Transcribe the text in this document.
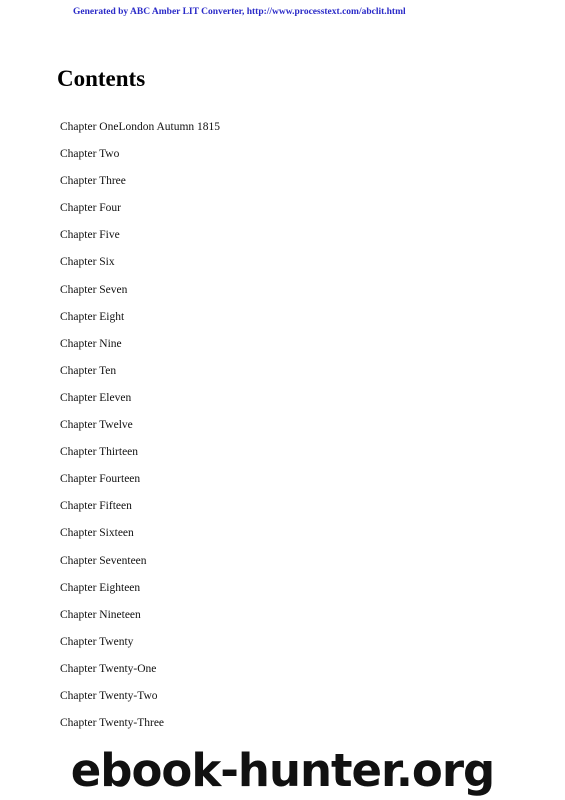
Generated by ABC Amber LIT Converter, http://www.processtext.com/abclit.html
Contents
Chapter OneLondon Autumn 1815
Chapter Two
Chapter Three
Chapter Four
Chapter Five
Chapter Six
Chapter Seven
Chapter Eight
Chapter Nine
Chapter Ten
Chapter Eleven
Chapter Twelve
Chapter Thirteen
Chapter Fourteen
Chapter Fifteen
Chapter Sixteen
Chapter Seventeen
Chapter Eighteen
Chapter Nineteen
Chapter Twenty
Chapter Twenty-One
Chapter Twenty-Two
Chapter Twenty-Three
ebook-hunter.org
